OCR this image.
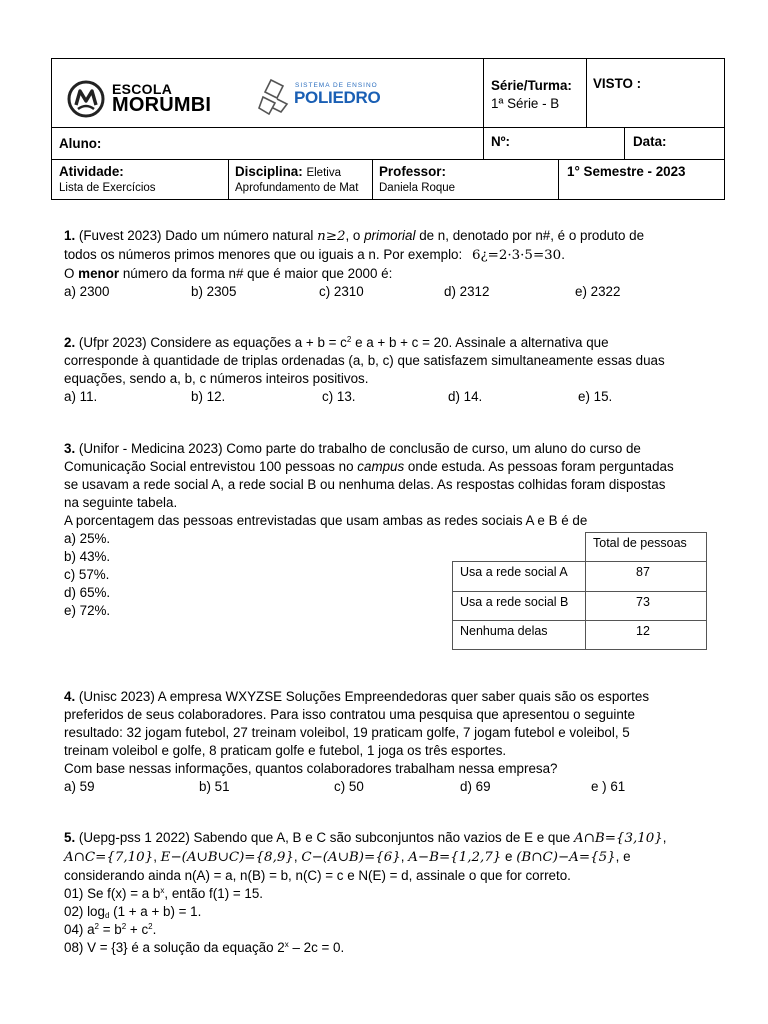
ESCOLA
MORUMBI
SISTEMA DE ENSINO
POLIEDRO
Série/Turma:
1ª Série - B
VISTO :
Aluno:	Nº:	Data:
Atividade:
Lista de Exercícios
Disciplina: Eletiva
Aprofundamento de Mat
Professor:
Daniela Roque
1° Semestre - 2023
1. (Fuvest 2023) Dado um número natural n≥2, o primorial de n, denotado por n#, é o produto de
todos os números primos menores que ou iguais a n. Por exemplo: 6¿=2·3·5=30.
O menor número da forma n# que é maior que 2000 é:
a) 2300	b) 2305	c) 2310	d) 2312	e) 2322
2. (Ufpr 2023) Considere as equações $a + b = c^2$ e a + b + c = 20. Assinale a alternativa que
corresponde à quantidade de triplas ordenadas (a, b, c) que satisfazem simultaneamente essas duas
equações, sendo a, b, c números inteiros positivos.
a) 11.	b) 12.	c) 13.	d) 14.	e) 15.
3. (Unifor - Medicina 2023) Como parte do trabalho de conclusão de curso, um aluno do curso de
Comunicação Social entrevistou 100 pessoas no campus onde estuda. As pessoas foram perguntadas
se usavam a rede social A, a rede social B ou nenhuma delas. As respostas colhidas foram dispostas
na seguinte tabela.
A porcentagem das pessoas entrevistadas que usam ambas as redes sociais A e B é de
a) 25%.
b) 43%.
c) 57%.
d) 65%.
e) 72%.
Total de pessoas
Usa a rede social A	87
Usa a rede social B	73
Nenhuma delas	12
4. (Unisc 2023) A empresa WXYZSE Soluções Empreendedoras quer saber quais são os esportes
preferidos de seus colaboradores. Para isso contratou uma pesquisa que apresentou o seguinte
resultado: 32 jogam futebol, 27 treinam voleibol, 19 praticam golfe, 7 jogam futebol e voleibol, 5
treinam voleibol e golfe, 8 praticam golfe e futebol, 1 joga os três esportes.
Com base nessas informações, quantos colaboradores trabalham nessa empresa?
a) 59	b) 51	c) 50	d) 69	e ) 61
5. (Uepg-pss 1 2022) Sabendo que A, B e C são subconjuntos não vazios de E e que A∩B={3,10},
A∩C={7,10}, E−(A∪B∪C)={8,9}, C−(A∪B)={6}, A−B={1,2,7} e (B∩C)−A={5}, e
considerando ainda n(A) = a, n(B) = b, n(C) = c e N(E) = d, assinale o que for correto.
01) Se f(x) = a $b^x$, então f(1) = 15.
02) $\log_d (1 + a + b) = 1$.
04) $a^2 = b^2 + c^2$.
08) V = {3} é a solução da equação 2$^x$ – 2c = 0.
